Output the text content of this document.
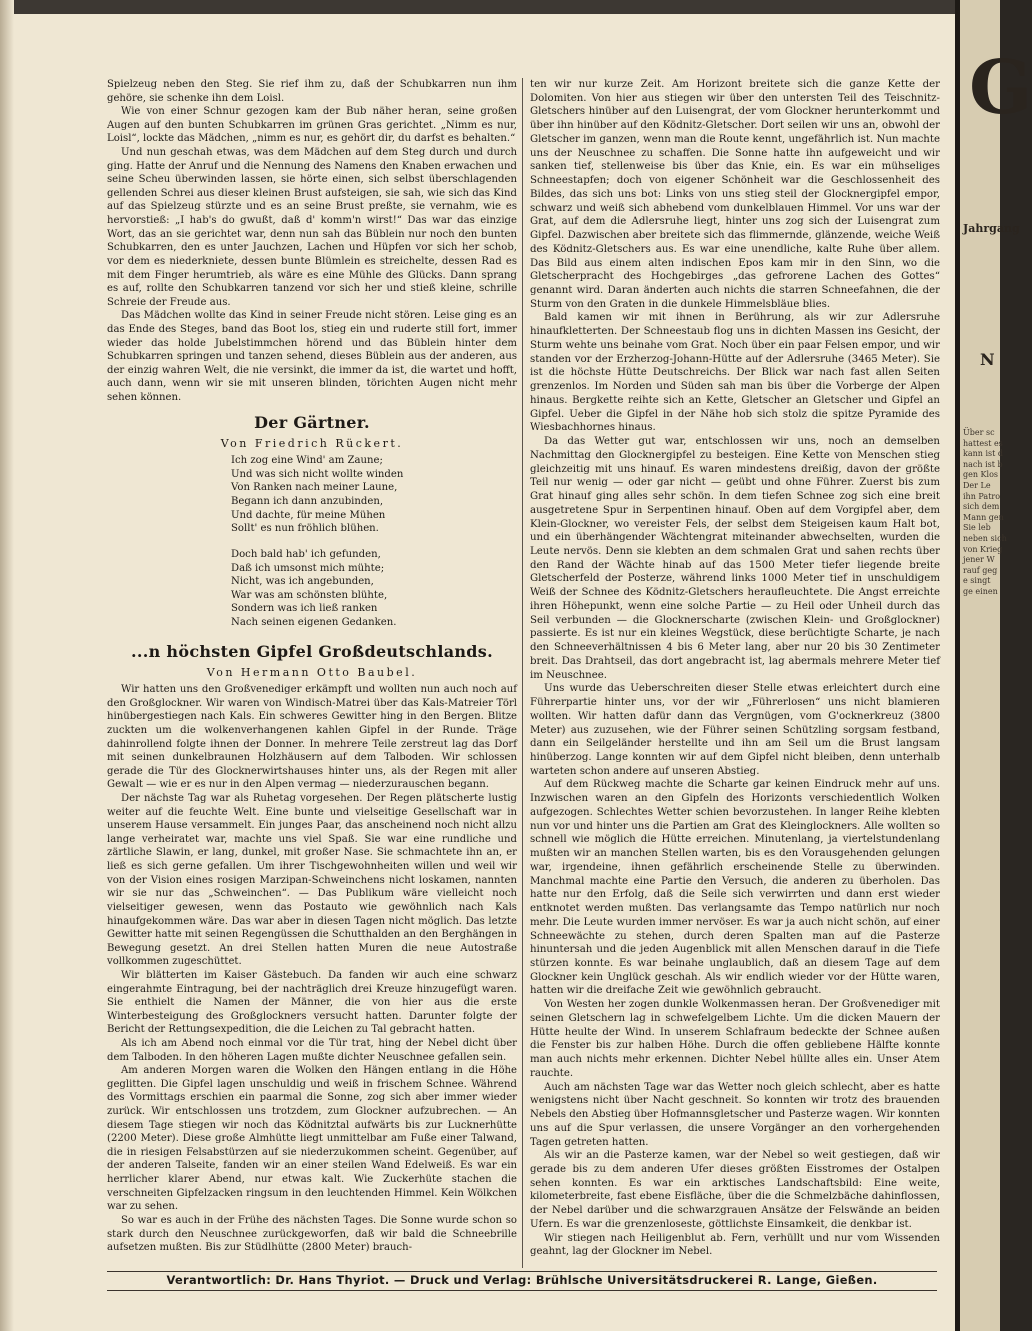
Spielzeug neben den Steg. Sie rief ihm zu, daß der Schubkarren nun ihm gehöre, sie schenke ihn dem Loisl.

Wie von einer Schnur gezogen kam der Bub näher heran, seine großen Augen auf den bunten Schubkarren im grünen Gras gerichtet. „Nimm es nur, Loisl“, lockte das Mädchen, „nimm es nur, es gehört dir, du darfst es behalten.“

Und nun geschah etwas, was dem Mädchen auf dem Steg durch und durch ging. Hatte der Anruf und die Nennung des Namens den Knaben erwachen und seine Scheu überwinden lassen, sie hörte einen, sich selbst überschlagenden gellenden Schrei aus dieser kleinen Brust aufsteigen, sie sah, wie sich das Kind auf das Spielzeug stürzte und es an seine Brust preßte, sie vernahm, wie es hervorstieß: „I hab's do gwußt, daß d' komm'n wirst!“ Das war das einzige Wort, das an sie gerichtet war, denn nun sah das Büblein nur noch den bunten Schubkarren, den es unter Jauchzen, Lachen und Hüpfen vor sich her schob, vor dem es niederkniete, dessen bunte Blümlein es streichelte, dessen Rad es mit dem Finger herumtrieb, als wäre es eine Mühle des Glücks. Dann sprang es auf, rollte den Schubkarren tanzend vor sich her und stieß kleine, schrille Schreie der Freude aus.

Das Mädchen wollte das Kind in seiner Freude nicht stören. Leise ging es an das Ende des Steges, band das Boot los, stieg ein und ruderte still fort, immer wieder das holde Jubelstimmchen hörend und das Büblein hinter dem Schubkarren springen und tanzen sehend, dieses Büblein aus der anderen, aus der einzig wahren Welt, die nie versinkt, die immer da ist, die wartet und hofft, auch dann, wenn wir sie mit unseren blinden, törichten Augen nicht mehr sehen können.

Der Gärtner.
Von Friedrich Rückert.
Ich zog eine Wind' am Zaune;
Und was sich nicht wollte winden
Von Ranken nach meiner Laune,
Begann ich dann anzubinden,
Und dachte, für meine Mühen
Sollt' es nun fröhlich blühen.
Doch bald hab' ich gefunden,
Daß ich umsonst mich mühte;
Nicht, was ich angebunden,
War was am schönsten blühte,
Sondern was ich ließ ranken
Nach seinen eigenen Gedanken.
...n höchsten Gipfel Großdeutschlands.
Von Hermann Otto Baubel.

Wir hatten uns den Großvenediger erkämpft und wollten nun auch noch auf den Großglockner. Wir waren von Windisch-Matrei über das Kals-Matreier Törl hinübergestiegen nach Kals. Ein schweres Gewitter hing in den Bergen. Blitze zuckten um die wolkenverhangenen kahlen Gipfel in der Runde. Träge dahinrollend folgte ihnen der Donner. In mehrere Teile zerstreut lag das Dorf mit seinen dunkelbraunen Holzhäusern auf dem Talboden. Wir schlossen gerade die Tür des Glocknerwirtshauses hinter uns, als der Regen mit aller Gewalt — wie er es nur in den Alpen vermag — niederzurauschen begann.

Der nächste Tag war als Ruhetag vorgesehen. Der Regen plätscherte lustig weiter auf die feuchte Welt. Eine bunte und vielseitige Gesellschaft war in unserem Hause versammelt. Ein junges Paar, das anscheinend noch nicht allzu lange verheiratet war, machte uns viel Spaß. Sie war eine rundliche und zärtliche Slawin, er lang, dunkel, mit großer Nase. Sie schmachtete ihn an, er ließ es sich gerne gefallen. Um ihrer Tischgewohnheiten willen und weil wir von der Vision eines rosigen Marzipan-Schweinchens nicht loskamen, nannten wir sie nur das „Schweinchen“. — Das Publikum wäre vielleicht noch vielseitiger gewesen, wenn das Postauto wie gewöhnlich nach Kals hinaufgekommen wäre. Das war aber in diesen Tagen nicht möglich. Das letzte Gewitter hatte mit seinen Regengüssen die Schutthalden an den Berghängen in Bewegung gesetzt. An drei Stellen hatten Muren die neue Autostraße vollkommen zugeschüttet.

Wir blätterten im Kaiser Gästebuch. Da fanden wir auch eine schwarz eingerahmte Eintragung, bei der nachträglich drei Kreuze hinzugefügt waren. Sie enthielt die Namen der Männer, die von hier aus die erste Winterbesteigung des Großglockners versucht hatten. Darunter folgte der Bericht der Rettungsexpedition, die die Leichen zu Tal gebracht hatten.

Als ich am Abend noch einmal vor die Tür trat, hing der Nebel dicht über dem Talboden. In den höheren Lagen mußte dichter Neuschnee gefallen sein.

Am anderen Morgen waren die Wolken den Hängen entlang in die Höhe geglitten. Die Gipfel lagen unschuldig und weiß in frischem Schnee. Während des Vormittags erschien ein paarmal die Sonne, zog sich aber immer wieder zurück. Wir entschlossen uns trotzdem, zum Glockner aufzubrechen. — An diesem Tage stiegen wir noch das Ködnitztal aufwärts bis zur Lucknerhütte (2200 Meter). Diese große Almhütte liegt unmittelbar am Fuße einer Talwand, die in riesigen Felsabstürzen auf sie niederzukommen scheint. Gegenüber, auf der anderen Talseite, fanden wir an einer steilen Wand Edelweiß. Es war ein herrlicher klarer Abend, nur etwas kalt. Wie Zuckerhüte stachen die verschneiten Gipfelzacken ringsum in den leuchtenden Himmel. Kein Wölkchen war zu sehen.

So war es auch in der Frühe des nächsten Tages. Die Sonne wurde schon so stark durch den Neuschnee zurückgeworfen, daß wir bald die Schneebrille aufsetzen mußten. Bis zur Stüdlhütte (2800 Meter) brauch-

ten wir nur kurze Zeit. Am Horizont breitete sich die ganze Kette der Dolomiten. Von hier aus stiegen wir über den untersten Teil des Teischnitz-Gletschers hinüber auf den Luisengrat, der vom Glockner herunterkommt und über ihn hinüber auf den Ködnitz-Gletscher. Dort seilen wir uns an, obwohl der Gletscher im ganzen, wenn man die Route kennt, ungefährlich ist. Nun machte uns der Neuschnee zu schaffen. Die Sonne hatte ihn aufgeweicht und wir sanken tief, stellenweise bis über das Knie, ein. Es war ein mühseliges Schneestapfen; doch von eigener Schönheit war die Geschlossenheit des Bildes, das sich uns bot: Links von uns stieg steil der Glocknergipfel empor, schwarz und weiß sich abhebend vom dunkelblauen Himmel. Vor uns war der Grat, auf dem die Adlersruhe liegt, hinter uns zog sich der Luisengrat zum Gipfel. Dazwischen aber breitete sich das flimmernde, glänzende, weiche Weiß des Ködnitz-Gletschers aus. Es war eine unendliche, kalte Ruhe über allem. Das Bild aus einem alten indischen Epos kam mir in den Sinn, wo die Gletscherpracht des Hochgebirges „das gefrorene Lachen des Gottes“ genannt wird. Daran änderten auch nichts die starren Schneefahnen, die der Sturm von den Graten in die dunkele Himmelsbläue blies.

Bald kamen wir mit ihnen in Berührung, als wir zur Adlersruhe hinaufkletterten. Der Schneestaub flog uns in dichten Massen ins Gesicht, der Sturm wehte uns beinahe vom Grat. Noch über ein paar Felsen empor, und wir standen vor der Erzherzog-Johann-Hütte auf der Adlersruhe (3465 Meter). Sie ist die höchste Hütte Deutschreichs. Der Blick war nach fast allen Seiten grenzenlos. Im Norden und Süden sah man bis über die Vorberge der Alpen hinaus. Bergkette reihte sich an Kette, Gletscher an Gletscher und Gipfel an Gipfel. Ueber die Gipfel in der Nähe hob sich stolz die spitze Pyramide des Wiesbachhornes hinaus.

Da das Wetter gut war, entschlossen wir uns, noch an demselben Nachmittag den Glocknergipfel zu besteigen. Eine Kette von Menschen stieg gleichzeitig mit uns hinauf. Es waren mindestens dreißig, davon der größte Teil nur wenig — oder gar nicht — geübt und ohne Führer. Zuerst bis zum Grat hinauf ging alles sehr schön. In dem tiefen Schnee zog sich eine breit ausgetretene Spur in Serpentinen hinauf. Oben auf dem Vorgipfel aber, dem Klein-Glockner, wo vereister Fels, der selbst dem Steigeisen kaum Halt bot, und ein überhängender Wächtengrat miteinander abwechselten, wurden die Leute nervös. Denn sie klebten an dem schmalen Grat und sahen rechts über den Rand der Wächte hinab auf das 1500 Meter tiefer liegende breite Gletscherfeld der Posterze, während links 1000 Meter tief in unschuldigem Weiß der Schnee des Ködnitz-Gletschers heraufleuchtete. Die Angst erreichte ihren Höhepunkt, wenn eine solche Partie — zu Heil oder Unheil durch das Seil verbunden — die Glocknerscharte (zwischen Klein- und Großglockner) passierte. Es ist nur ein kleines Wegstück, diese berüchtigte Scharte, je nach den Schneeverhältnissen 4 bis 6 Meter lang, aber nur 20 bis 30 Zentimeter breit. Das Drahtseil, das dort angebracht ist, lag abermals mehrere Meter tief im Neuschnee.

Uns wurde das Ueberschreiten dieser Stelle etwas erleichtert durch eine Führerpartie hinter uns, vor der wir „Führerlosen“ uns nicht blamieren wollten. Wir hatten dafür dann das Vergnügen, vom G'ocknerkreuz (3800 Meter) aus zuzusehen, wie der Führer seinen Schützling sorgsam festband, dann ein Seilgeländer herstellte und ihn am Seil um die Brust langsam hinüberzog. Lange konnten wir auf dem Gipfel nicht bleiben, denn unterhalb warteten schon andere auf unseren Abstieg.

Auf dem Rückweg machte die Scharte gar keinen Eindruck mehr auf uns. Inzwischen waren an den Gipfeln des Horizonts verschiedentlich Wolken aufgezogen. Schlechtes Wetter schien bevorzustehen. In langer Reihe klebten nun vor und hinter uns die Partien am Grat des Kleinglockners. Alle wollten so schnell wie möglich die Hütte erreichen. Minutenlang, ja viertelstundenlang mußten wir an manchen Stellen warten, bis es den Vorausgehenden gelungen war, irgendeine, ihnen gefährlich erscheinende Stelle zu überwinden. Manchmal machte eine Partie den Versuch, die anderen zu überholen. Das hatte nur den Erfolg, daß die Seile sich verwirrten und dann erst wieder entknotet werden mußten. Das verlangsamte das Tempo natürlich nur noch mehr. Die Leute wurden immer nervöser. Es war ja auch nicht schön, auf einer Schneewächte zu stehen, durch deren Spalten man auf die Pasterze hinuntersah und die jeden Augenblick mit allen Menschen darauf in die Tiefe stürzen konnte. Es war beinahe unglaublich, daß an diesem Tage auf dem Glockner kein Unglück geschah. Als wir endlich wieder vor der Hütte waren, hatten wir die dreifache Zeit wie gewöhnlich gebraucht.

Von Westen her zogen dunkle Wolkenmassen heran. Der Großvenediger mit seinen Gletschern lag in schwefelgelbem Lichte. Um die dicken Mauern der Hütte heulte der Wind. In unserem Schlafraum bedeckte der Schnee außen die Fenster bis zur halben Höhe. Durch die offen gebliebene Hälfte konnte man auch nichts mehr erkennen. Dichter Nebel hüllte alles ein. Unser Atem rauchte.

Auch am nächsten Tage war das Wetter noch gleich schlecht, aber es hatte wenigstens nicht über Nacht geschneit. So konnten wir trotz des brauenden Nebels den Abstieg über Hofmannsgletscher und Pasterze wagen. Wir konnten uns auf die Spur verlassen, die unsere Vorgänger an den vorhergehenden Tagen getreten hatten.

Als wir an die Pasterze kamen, war der Nebel so weit gestiegen, daß wir gerade bis zu dem anderen Ufer dieses größten Eisstromes der Ostalpen sehen konnten. Es war ein arktisches Landschaftsbild: Eine weite, kilometerbreite, fast ebene Eisfläche, über die die Schmelzbäche dahinflossen, der Nebel darüber und die schwarzgrauen Ansätze der Felswände an beiden Ufern. Es war die grenzenloseste, göttlichste Einsamkeit, die denkbar ist.

Wir stiegen nach Heiligenblut ab. Fern, verhüllt und nur vom Wissenden geahnt, lag der Glockner im Nebel.

Verantwortlich: Dr. Hans Thyriot. — Druck und Verlag: Brühlsche Universitätsdruckerei R. Lange, Gießen.
G
Jahrgang
N
Über sc
hattest es
kann ist d
nach ist b
gen Klos
Der Le
ihn Patro
sich dem
Mann gen
Sie leb
neben sich
von Krieg
jener W
rauf geg
e singt
ge einen
